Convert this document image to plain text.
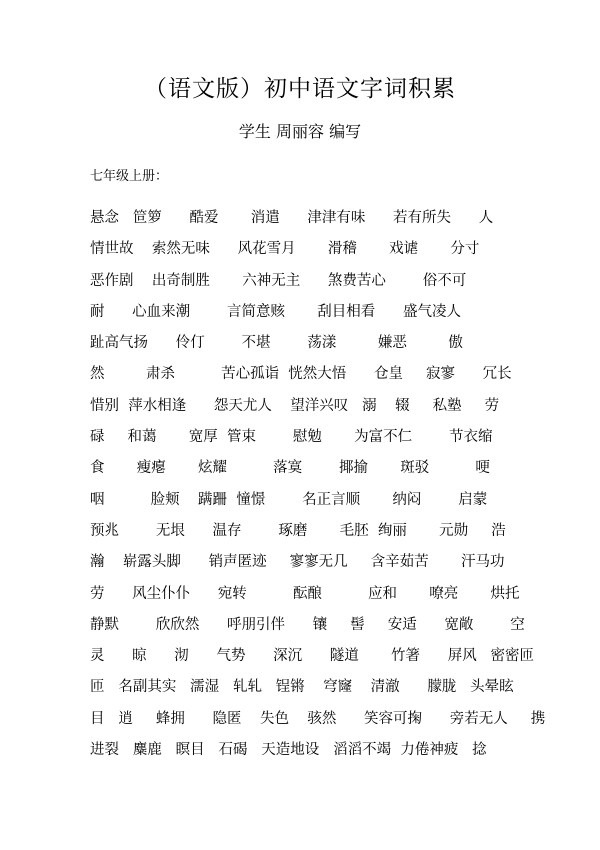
（语文版）初中语文字词积累
学生 周丽容 编写
七年级上册：
悬念   笸箩      酷爱       消遣      津津有味      若有所失      人
情世故    索然无味      风花雪月       滑稽       戏谑       分寸
恶作剧    出奇制胜       六神无主      煞费苦心        俗不可
耐      心血来潮        言简意赅       刮目相看      盛气凌人
趾高气扬      伶仃        不堪        荡漾         嫌恶         傲
然         肃杀          苦心孤诣  恍然大悟      仓皇     寂寥      冗长
惜别  萍水相逢      怨天尤人    望洋兴叹   溺    辍     私塾     劳
碌     和蔼       宽厚  管束        慰勉       为富不仁        节衣缩
食       瘦瘪       炫耀          落寞        揶揄       斑驳          哽
咽          脸颊    蹒跚  憧憬        名正言顺       纳闷        启蒙
预兆        无垠      温存        琢磨       毛胚  绚丽       元勋     浩
瀚    崭露头脚      销声匿迹     寥寥无几     含辛茹苦       汗马功
劳      风尘仆仆      宛转          酝酿          应和       嘹亮       烘托
静默        欣欣然      呼朋引伴      镶     髻     安适      宽敞        空
灵      晾      沏      气势      深沉      隧道       竹箸      屏风   密密匝
匝   名副其实   濡湿   轧轧   锃锵    穹窿    清澈      朦胧   头晕眩
目   逍     蜂拥      隐匿    失色    骇然      笑容可掬      旁若无人     携
进裂   麋鹿   瞑目   石碣   天造地设   滔滔不竭  力倦神疲   捻
